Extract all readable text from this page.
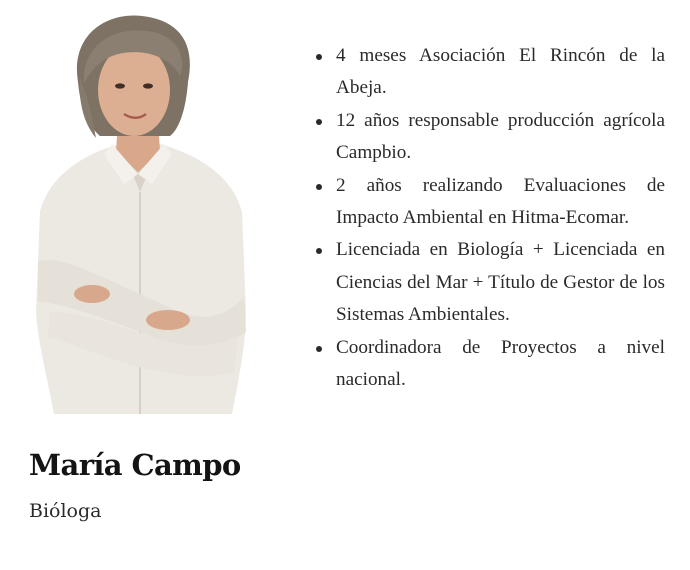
María Campo

Bióloga

4 meses Asociación El Rincón de la Abeja.
12 años responsable producción agrícola Campbio.
2 años realizando Evaluaciones de Impacto Ambiental en Hitma-Ecomar.
Licenciada en Biología + Licenciada en Ciencias del Mar + Título de Gestor de los Sistemas Ambientales.
Coordinadora de Proyectos a nivel nacional.
